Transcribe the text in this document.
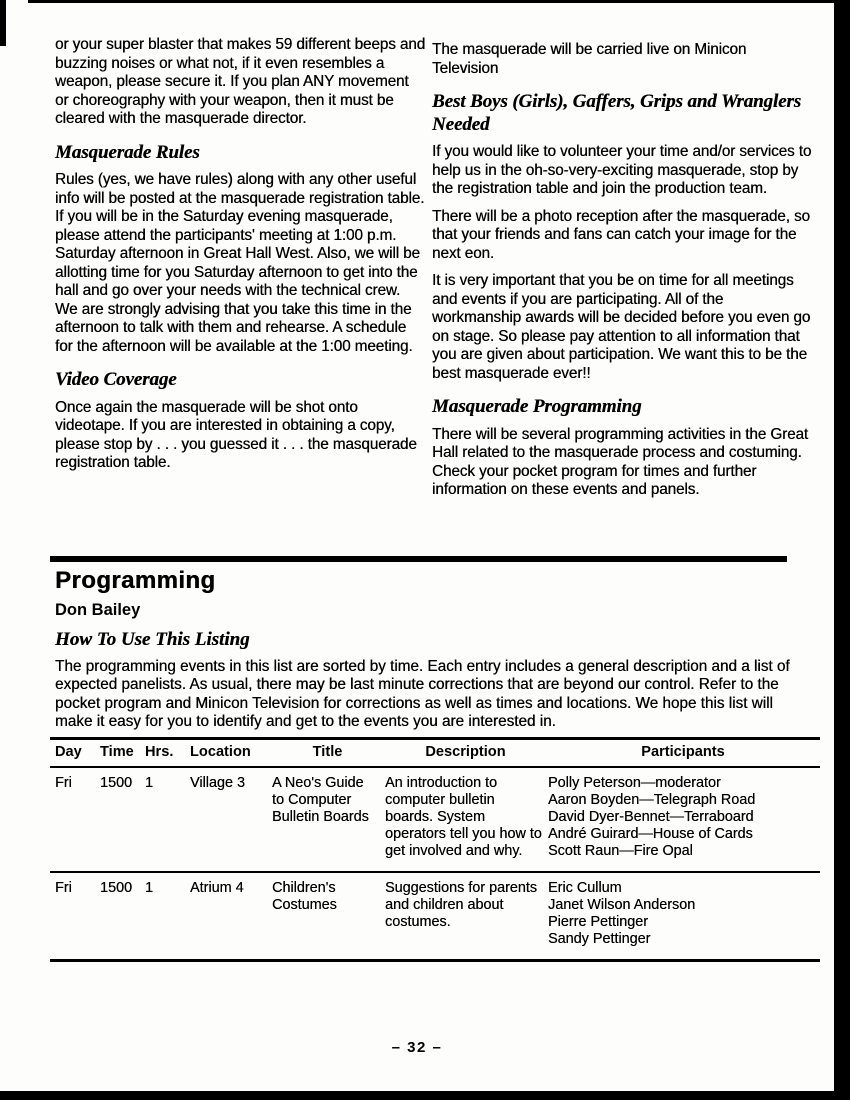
or your super blaster that makes 59 different beeps and buzzing noises or what not, if it even resembles a weapon, please secure it. If you plan ANY movement or choreography with your weapon, then it must be cleared with the masquerade director.

Masquerade Rules

Rules (yes, we have rules) along with any other useful info will be posted at the masquerade registration table. If you will be in the Saturday evening masquerade, please attend the participants' meeting at 1:00 p.m. Saturday afternoon in Great Hall West. Also, we will be allotting time for you Saturday afternoon to get into the hall and go over your needs with the technical crew. We are strongly advising that you take this time in the afternoon to talk with them and rehearse. A schedule for the afternoon will be available at the 1:00 meeting.

Video Coverage

Once again the masquerade will be shot onto videotape. If you are interested in obtaining a copy, please stop by . . . you guessed it . . . the masquerade registration table.

The masquerade will be carried live on Minicon Television

Best Boys (Girls), Gaffers, Grips and Wranglers Needed

If you would like to volunteer your time and/or services to help us in the oh-so-very-exciting masquerade, stop by the registration table and join the production team.

There will be a photo reception after the masquerade, so that your friends and fans can catch your image for the next eon.

It is very important that you be on time for all meetings and events if you are participating. All of the workmanship awards will be decided before you even go on stage. So please pay attention to all information that you are given about participation. We want this to be the best masquerade ever!!

Masquerade Programming

There will be several programming activities in the Great Hall related to the masquerade process and costuming. Check your pocket program for times and further information on these events and panels.

Programming
Don Bailey
How To Use This Listing

The programming events in this list are sorted by time. Each entry includes a general description and a list of expected panelists. As usual, there may be last minute corrections that are beyond our control. Refer to the pocket program and Minicon Television for corrections as well as times and locations. We hope this list will make it easy for you to identify and get to the events you are interested in.

Day	Time	Hrs.	Location	Title	Description	Participants
Fri	1500	1	Village 3	A Neo's Guide to Computer Bulletin Boards	An introduction to computer bulletin boards. System operators tell you how to get involved and why.	Polly Peterson—moderator
Aaron Boyden—Telegraph Road
David Dyer-Bennet—Terraboard
André Guirard—House of Cards
Scott Raun—Fire Opal

Fri	1500	1	Atrium 4	Children's Costumes	Suggestions for parents and children about costumes.	Eric Cullum
Janet Wilson Anderson
Pierre Pettinger
Sandy Pettinger
– 32 –
